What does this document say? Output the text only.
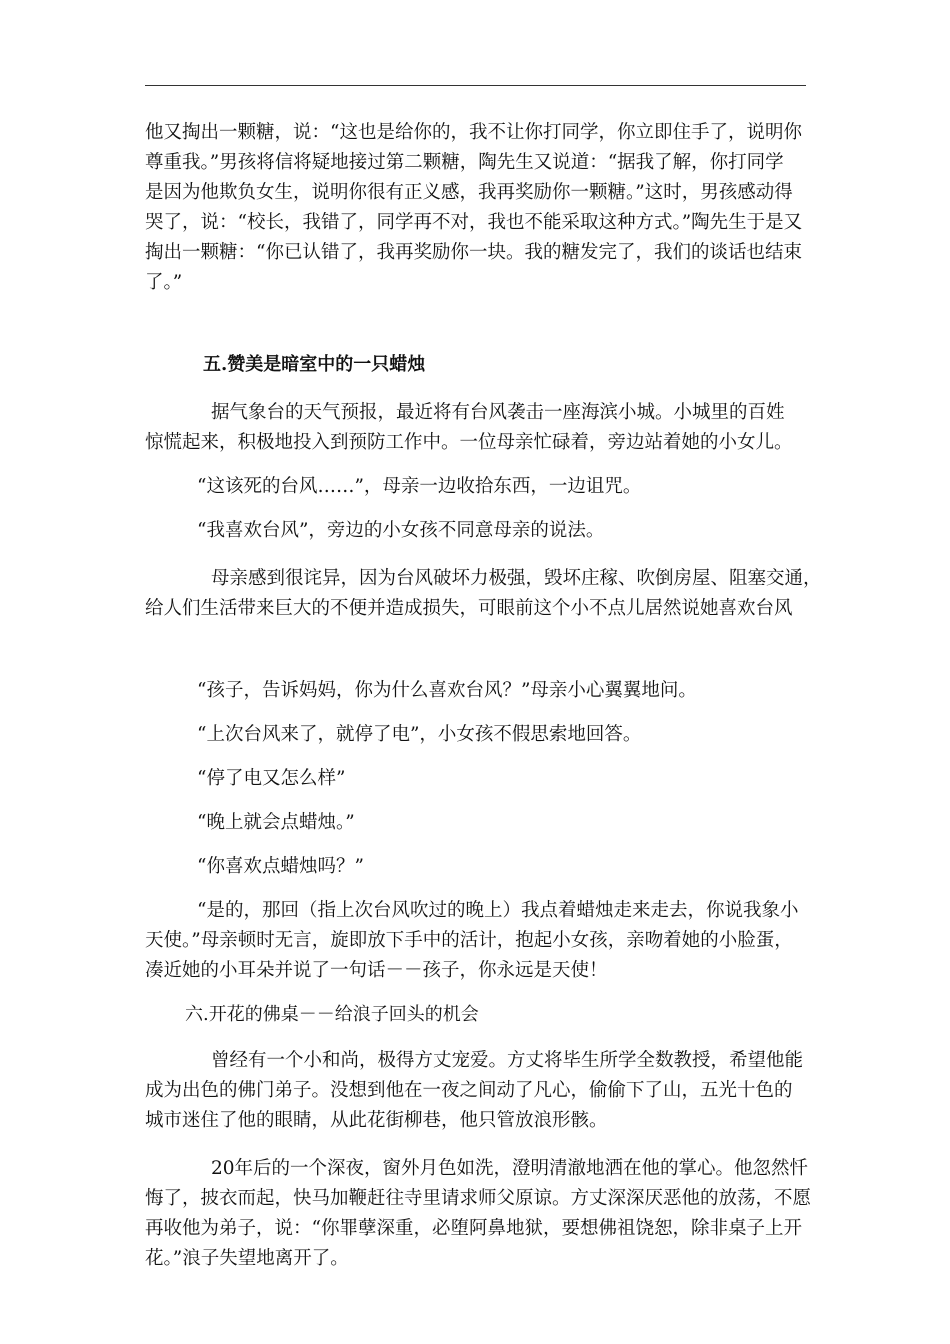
他又掏出一颗糖，说：“这也是给你的，我不让你打同学，你立即住手了，说明你

尊重我。”男孩将信将疑地接过第二颗糖，陶先生又说道：“据我了解，你打同学

是因为他欺负女生，说明你很有正义感，我再奖励你一颗糖。”这时，男孩感动得

哭了，说：“校长，我错了，同学再不对，我也不能采取这种方式。”陶先生于是又

掏出一颗糖：“你已认错了，我再奖励你一块。我的糖发完了，我们的谈话也结束

了。”

五.赞美是暗室中的一只蜡烛

据气象台的天气预报，最近将有台风袭击一座海滨小城。小城里的百姓

惊慌起来，积极地投入到预防工作中。一位母亲忙碌着，旁边站着她的小女儿。

“这该死的台风……”，母亲一边收拾东西，一边诅咒。

“我喜欢台风”，旁边的小女孩不同意母亲的说法。

母亲感到很诧异，因为台风破坏力极强，毁坏庄稼、吹倒房屋、阻塞交通，

给人们生活带来巨大的不便并造成损失，可眼前这个小不点儿居然说她喜欢台风

“孩子，告诉妈妈，你为什么喜欢台风？”母亲小心翼翼地问。

“上次台风来了，就停了电”，小女孩不假思索地回答。

“停了电又怎么样”

“晚上就会点蜡烛。”

“你喜欢点蜡烛吗？”

“是的，那回（指上次台风吹过的晚上）我点着蜡烛走来走去，你说我象小

天使。”母亲顿时无言，旋即放下手中的活计，抱起小女孩，亲吻着她的小脸蛋，

凑近她的小耳朵并说了一句话－－孩子，你永远是天使！

六.开花的佛桌－－给浪子回头的机会

曾经有一个小和尚，极得方丈宠爱。方丈将毕生所学全数教授，希望他能

成为出色的佛门弟子。没想到他在一夜之间动了凡心，偷偷下了山，五光十色的

城市迷住了他的眼睛，从此花街柳巷，他只管放浪形骸。

20年后的一个深夜，窗外月色如洗，澄明清澈地洒在他的掌心。他忽然忏

悔了，披衣而起，快马加鞭赶往寺里请求师父原谅。方丈深深厌恶他的放荡，不愿

再收他为弟子，说：“你罪孽深重，必堕阿鼻地狱，要想佛祖饶恕，除非桌子上开

花。”浪子失望地离开了。
